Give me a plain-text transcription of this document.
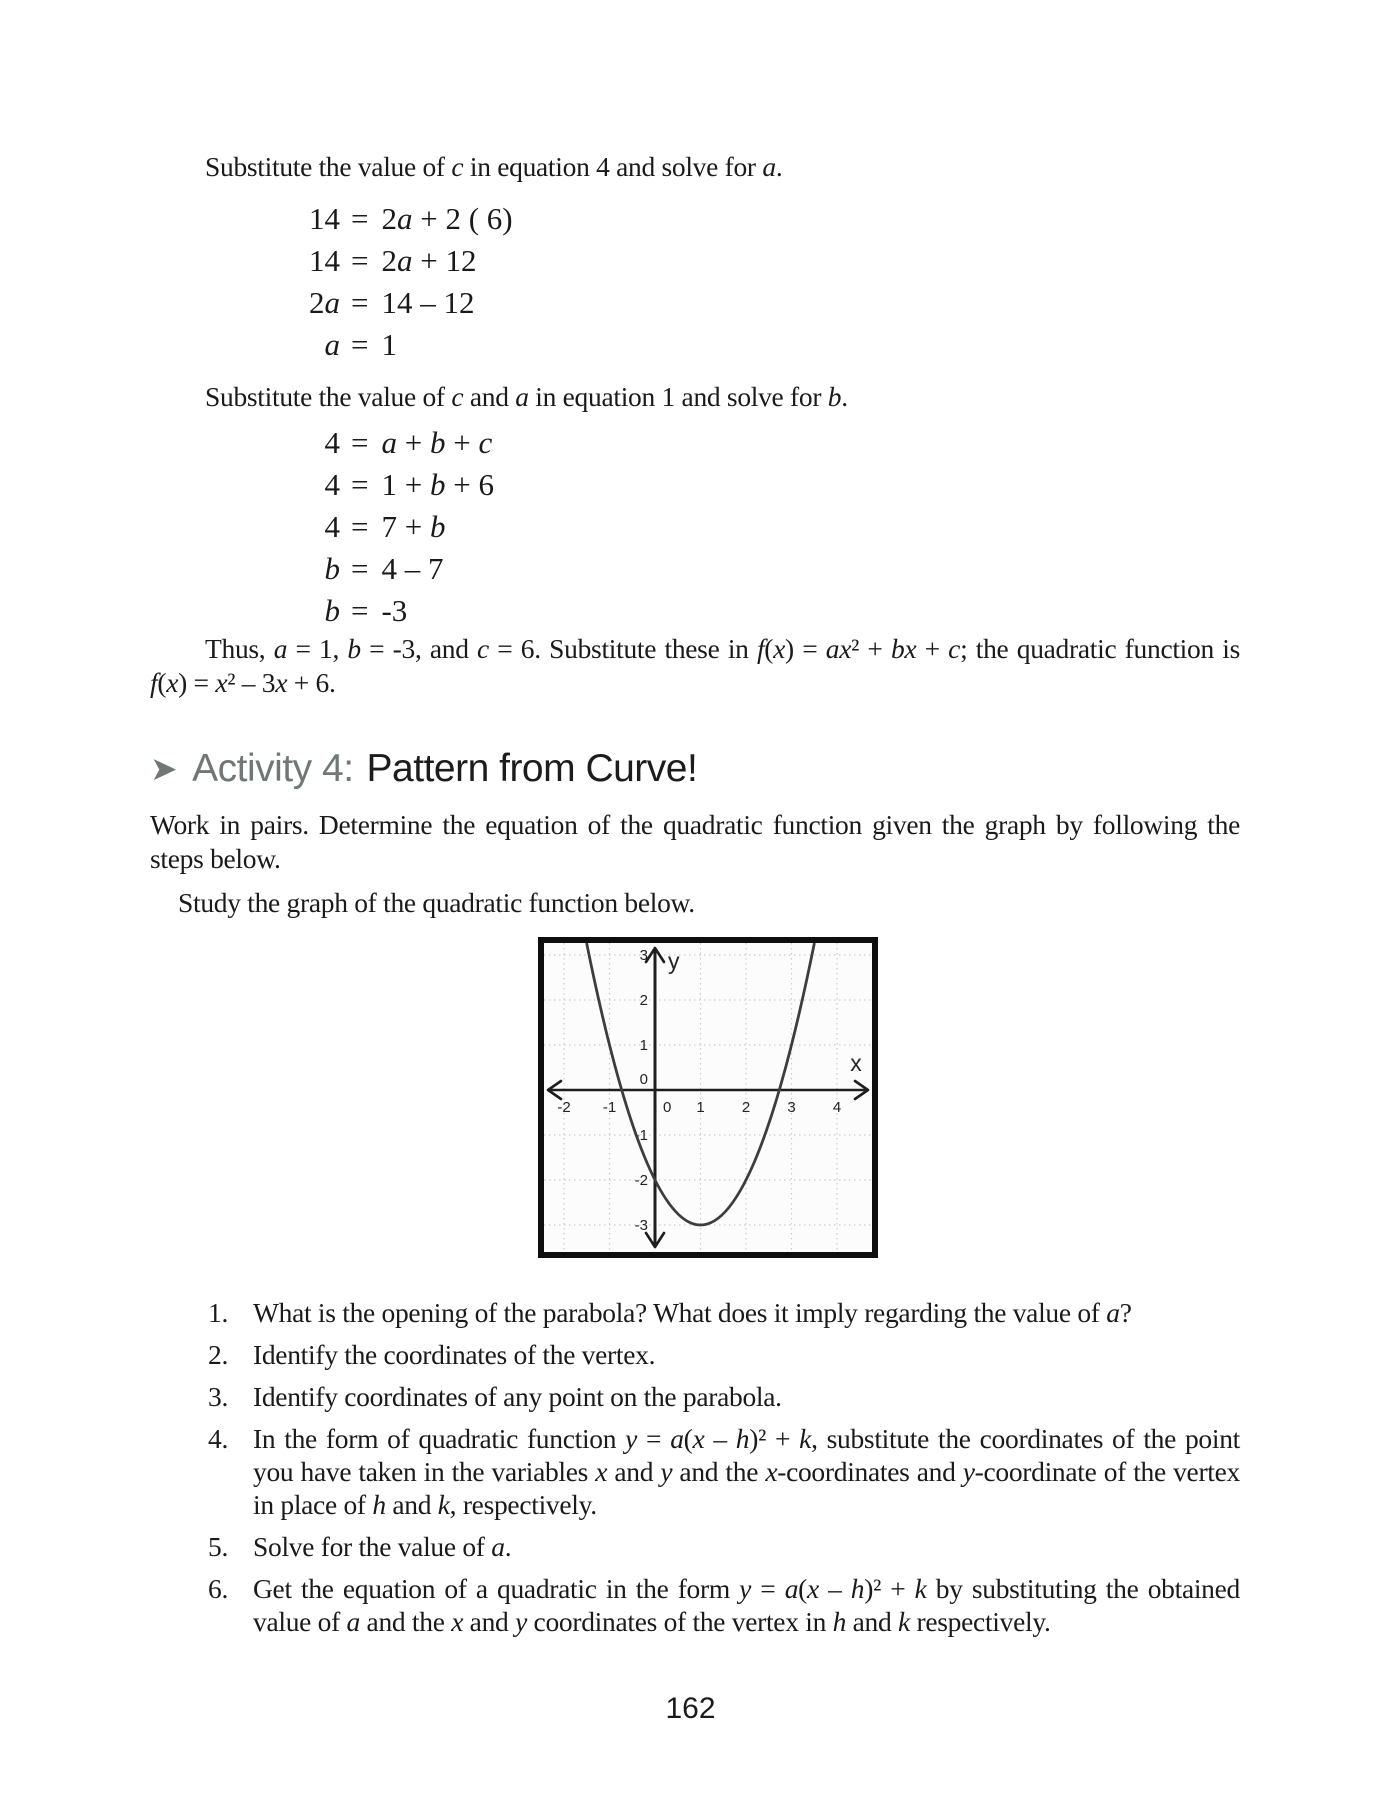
Substitute the value of c in equation 4 and solve for a.

14 = 2a + 2 ( 6)
14 = 2a + 12
2a = 14 – 12
a = 1

Substitute the value of c and a in equation 1 and solve for b.

4 = a + b + c
4 = 1 + b + 6
4 = 7 + b
b = 4 – 7
b = -3

Thus, a = 1, b = -3, and c = 6. Substitute these in f(x) = ax² + bx + c; the quadratic function is f(x) = x² – 3x + 6.

➤ Activity 4: Pattern from Curve!

Work in pairs. Determine the equation of the quadratic function given the graph by following the steps below.

Study the graph of the quadratic function below.

-3
-2
-1
0
1
2
3
-2 -1	0 1 2 3 4
y
x
1. What is the opening of the parabola? What does it imply regarding the value of a?
2. Identify the coordinates of the vertex.
3. Identify coordinates of any point on the parabola.
4. In the form of quadratic function y = a(x – h)² + k, substitute the coordinates of the point you have taken in the variables x and y and the x-coordinates and y-coordinate of the vertex in place of h and k, respectively.
5. Solve for the value of a.
6. Get the equation of a quadratic in the form y = a(x – h)² + k by substituting the obtained value of a and the x and y coordinates of the vertex in h and k respectively.
162
